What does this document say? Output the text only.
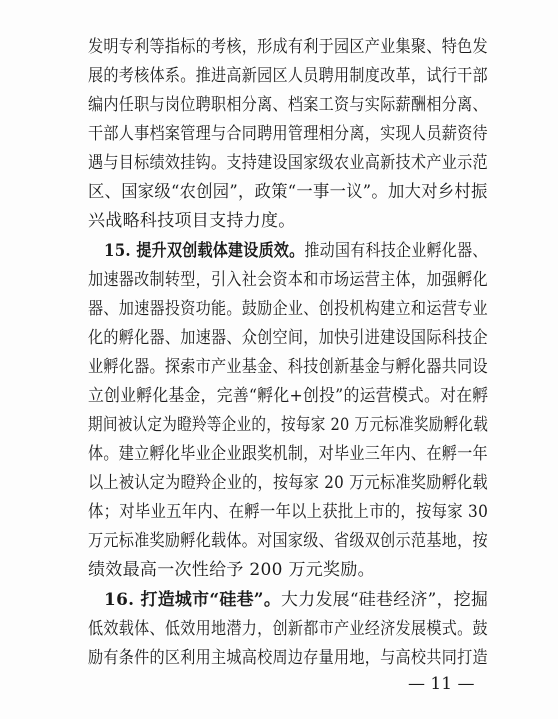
发明专利等指标的考核，形成有利于园区产业集聚、特色发
展的考核体系。推进高新园区人员聘用制度改革，试行干部
编内任职与岗位聘职相分离、档案工资与实际薪酬相分离、
干部人事档案管理与合同聘用管理相分离，实现人员薪资待
遇与目标绩效挂钩。支持建设国家级农业高新技术产业示范
区、国家级“农创园”，政策“一事一议”。加大对乡村振
兴战略科技项目支持力度。
15. 提升双创载体建设质效。推动国有科技企业孵化器、
加速器改制转型，引入社会资本和市场运营主体，加强孵化
器、加速器投资功能。鼓励企业、创投机构建立和运营专业
化的孵化器、加速器、众创空间，加快引进建设国际科技企
业孵化器。探索市产业基金、科技创新基金与孵化器共同设
立创业孵化基金，完善“孵化+创投”的运营模式。对在孵
期间被认定为瞪羚等企业的，按每家 20 万元标准奖励孵化载
体。建立孵化毕业企业跟奖机制，对毕业三年内、在孵一年
以上被认定为瞪羚企业的，按每家 20 万元标准奖励孵化载
体；对毕业五年内、在孵一年以上获批上市的，按每家 30
万元标准奖励孵化载体。对国家级、省级双创示范基地，按
绩效最高一次性给予 200 万元奖励。
16. 打造城市“硅巷”。大力发展“硅巷经济”，挖掘
低效载体、低效用地潜力，创新都市产业经济发展模式。鼓
励有条件的区利用主城高校周边存量用地，与高校共同打造
— 11 —
